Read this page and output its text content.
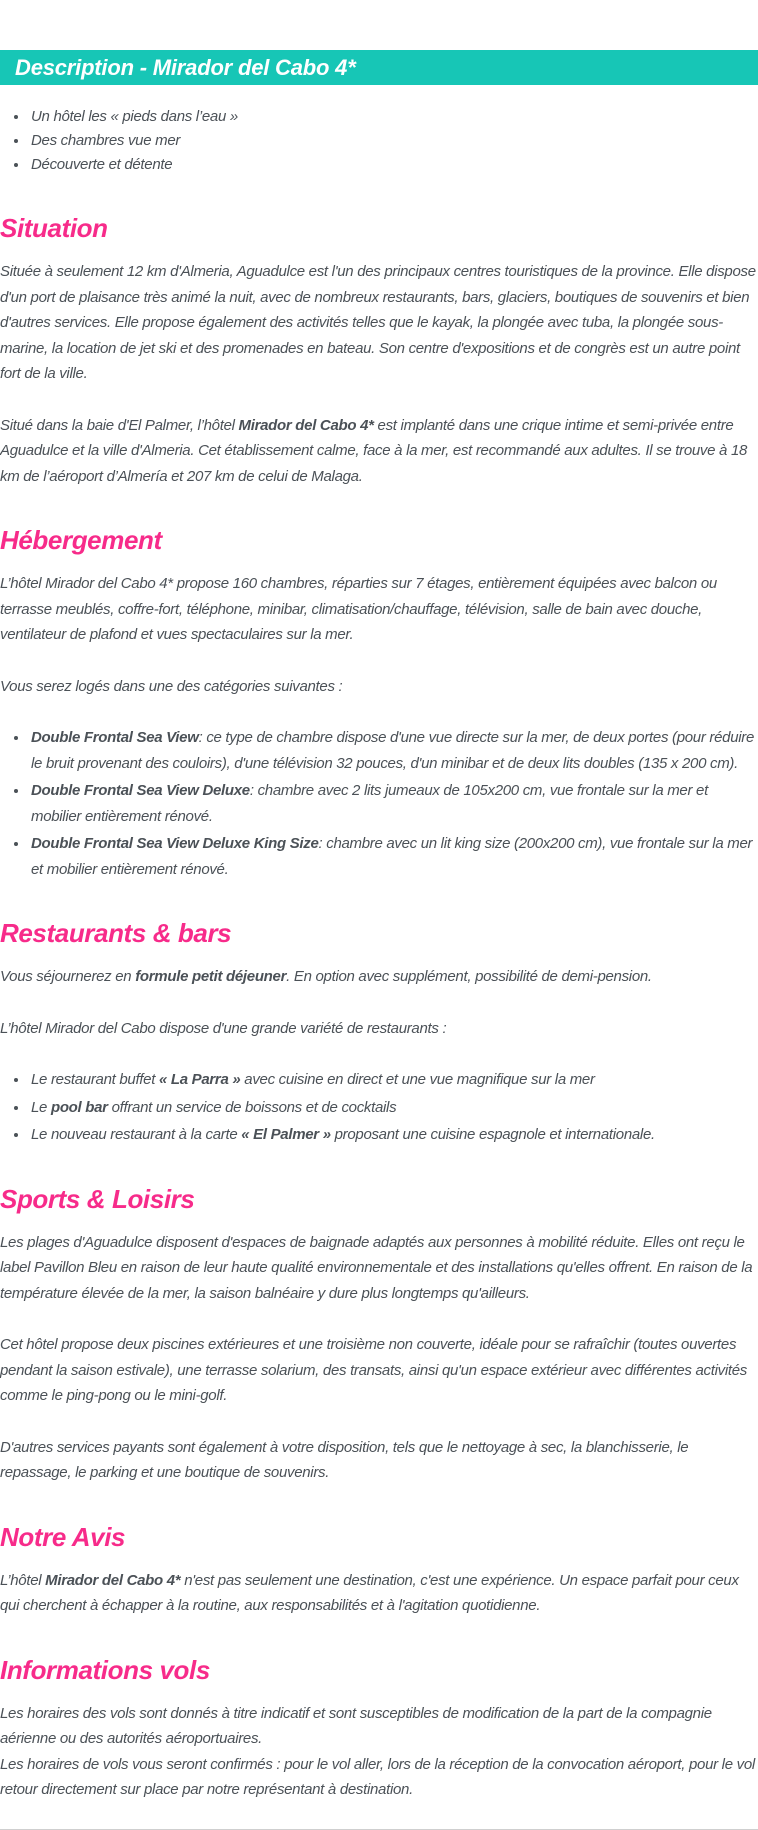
Description - Mirador del Cabo 4*
• Un hôtel les « pieds dans l’eau »
• Des chambres vue mer
• Découverte et détente
Situation

Située à seulement 12 km d'Almeria, Aguadulce est l'un des principaux centres touristiques de la province. Elle dispose d'un port de plaisance très animé la nuit, avec de nombreux restaurants, bars, glaciers, boutiques de souvenirs et bien d'autres services. Elle propose également des activités telles que le kayak, la plongée avec tuba, la plongée sous-marine, la location de jet ski et des promenades en bateau. Son centre d'expositions et de congrès est un autre point fort de la ville.

Situé dans la baie d'El Palmer, l’hôtel Mirador del Cabo 4* est implanté dans une crique intime et semi-privée entre Aguadulce et la ville d'Almeria. Cet établissement calme, face à la mer, est recommandé aux adultes. Il se trouve à 18 km de l’aéroport d’Almería et 207 km de celui de Malaga.

Hébergement

L’hôtel Mirador del Cabo 4* propose 160 chambres, réparties sur 7 étages, entièrement équipées avec balcon ou terrasse meublés, coffre-fort, téléphone, minibar, climatisation/chauffage, télévision, salle de bain avec douche, ventilateur de plafond et vues spectaculaires sur la mer.

Vous serez logés dans une des catégories suivantes :

• Double Frontal Sea View: ce type de chambre dispose d'une vue directe sur la mer, de deux portes (pour réduire le bruit provenant des couloirs), d'une télévision 32 pouces, d'un minibar et de deux lits doubles (135 x 200 cm).
• Double Frontal Sea View Deluxe: chambre avec 2 lits jumeaux de 105x200 cm, vue frontale sur la mer et mobilier entièrement rénové.
• Double Frontal Sea View Deluxe King Size: chambre avec un lit king size (200x200 cm), vue frontale sur la mer et mobilier entièrement rénové.
Restaurants & bars

Vous séjournerez en formule petit déjeuner. En option avec supplément, possibilité de demi-pension.

L’hôtel Mirador del Cabo dispose d'une grande variété de restaurants :

• Le restaurant buffet « La Parra » avec cuisine en direct et une vue magnifique sur la mer
• Le pool bar offrant un service de boissons et de cocktails
• Le nouveau restaurant à la carte « El Palmer » proposant une cuisine espagnole et internationale.
Sports & Loisirs

Les plages d'Aguadulce disposent d'espaces de baignade adaptés aux personnes à mobilité réduite. Elles ont reçu le label Pavillon Bleu en raison de leur haute qualité environnementale et des installations qu'elles offrent. En raison de la température élevée de la mer, la saison balnéaire y dure plus longtemps qu'ailleurs.

Cet hôtel propose deux piscines extérieures et une troisième non couverte, idéale pour se rafraîchir (toutes ouvertes pendant la saison estivale), une terrasse solarium, des transats, ainsi qu'un espace extérieur avec différentes activités comme le ping-pong ou le mini-golf.

D'autres services payants sont également à votre disposition, tels que le nettoyage à sec, la blanchisserie, le repassage, le parking et une boutique de souvenirs.

Notre Avis

L’hôtel Mirador del Cabo 4* n'est pas seulement une destination, c'est une expérience. Un espace parfait pour ceux qui cherchent à échapper à la routine, aux responsabilités et à l'agitation quotidienne.

Informations vols

Les horaires des vols sont donnés à titre indicatif et sont susceptibles de modification de la part de la compagnie aérienne ou des autorités aéroportuaires.
Les horaires de vols vous seront confirmés : pour le vol aller, lors de la réception de la convocation aéroport, pour le vol retour directement sur place par notre représentant à destination.
